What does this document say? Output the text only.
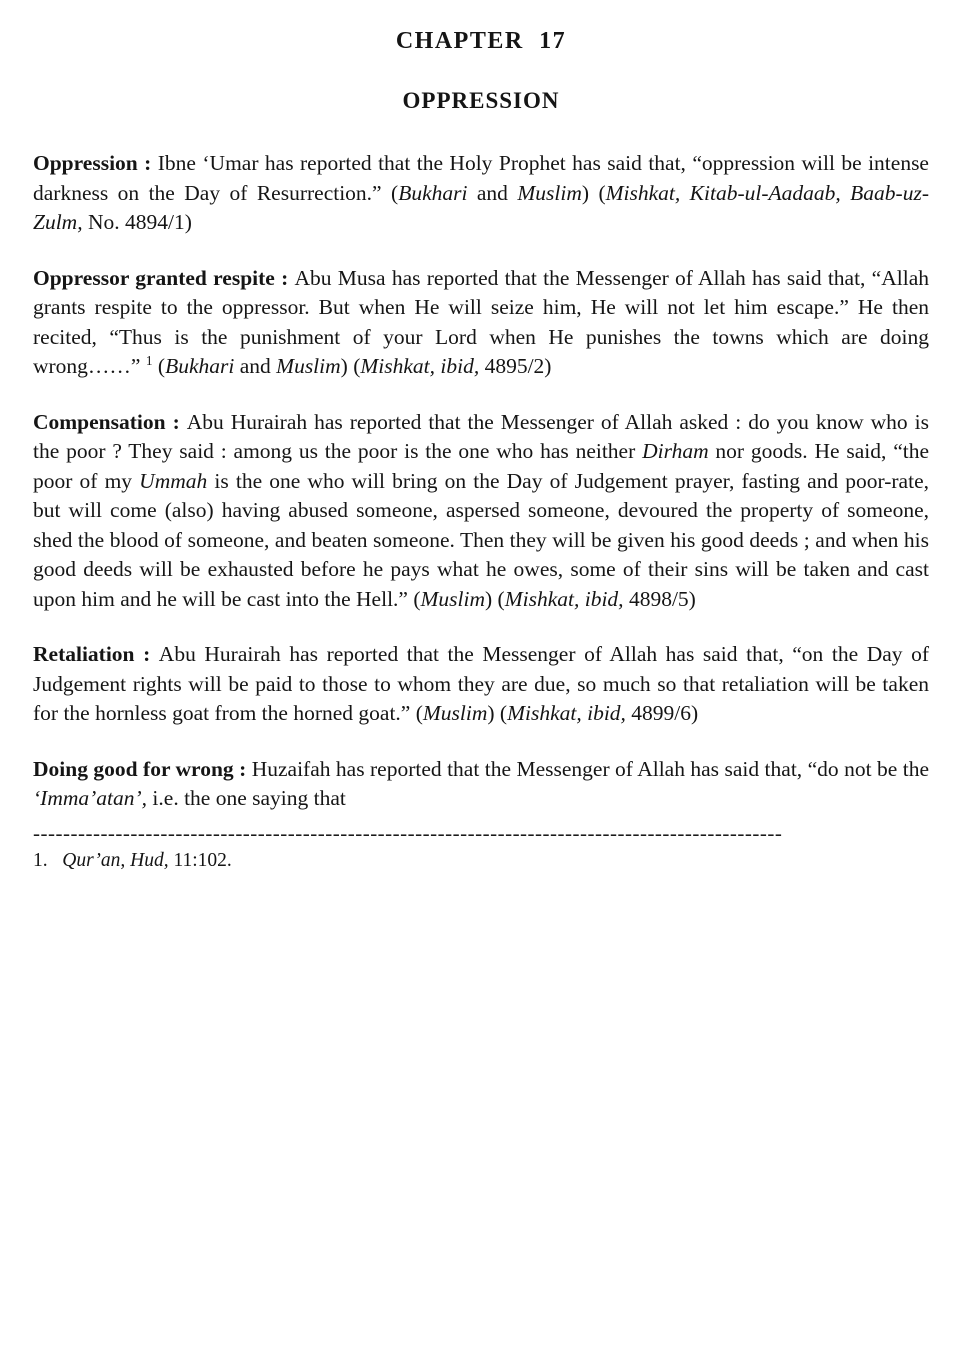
CHAPTER 17
OPPRESSION

Oppression : Ibne ‘Umar has reported that the Holy Prophet has said that, “oppression will be intense darkness on the Day of Resurrection.” (Bukhari and Muslim) (Mishkat, Kitab-ul-Aadaab, Baab-uz-Zulm, No. 4894/1)

Oppressor granted respite : Abu Musa has reported that the Messenger of Allah has said that, “Allah grants respite to the oppressor. But when He will seize him, He will not let him escape.” He then recited, “Thus is the punishment of your Lord when He punishes the towns which are doing wrong……” $^1$ (Bukhari and Muslim) (Mishkat, ibid, 4895/2)

Compensation : Abu Hurairah has reported that the Messenger of Allah asked : do you know who is the poor ? They said : among us the poor is the one who has neither Dirham nor goods. He said, “the poor of my Ummah is the one who will bring on the Day of Judgement prayer, fasting and poor-rate, but will come (also) having abused someone, aspersed someone, devoured the property of someone, shed the blood of someone, and beaten someone. Then they will be given his good deeds ; and when his good deeds will be exhausted before he pays what he owes, some of their sins will be taken and cast upon him and he will be cast into the Hell.” (Muslim) (Mishkat, ibid, 4898/5)

Retaliation : Abu Hurairah has reported that the Messenger of Allah has said that, “on the Day of Judgement rights will be paid to those to whom they are due, so much so that retaliation will be taken for the hornless goat from the horned goat.” (Muslim) (Mishkat, ibid, 4899/6)

Doing good for wrong : Huzaifah has reported that the Messenger of Allah has said that, “do not be the ‘Imma’atan’, i.e. the one saying that

----------------------------------------------------------------------------------------------------

1.   Qur’an, Hud, 11:102.
